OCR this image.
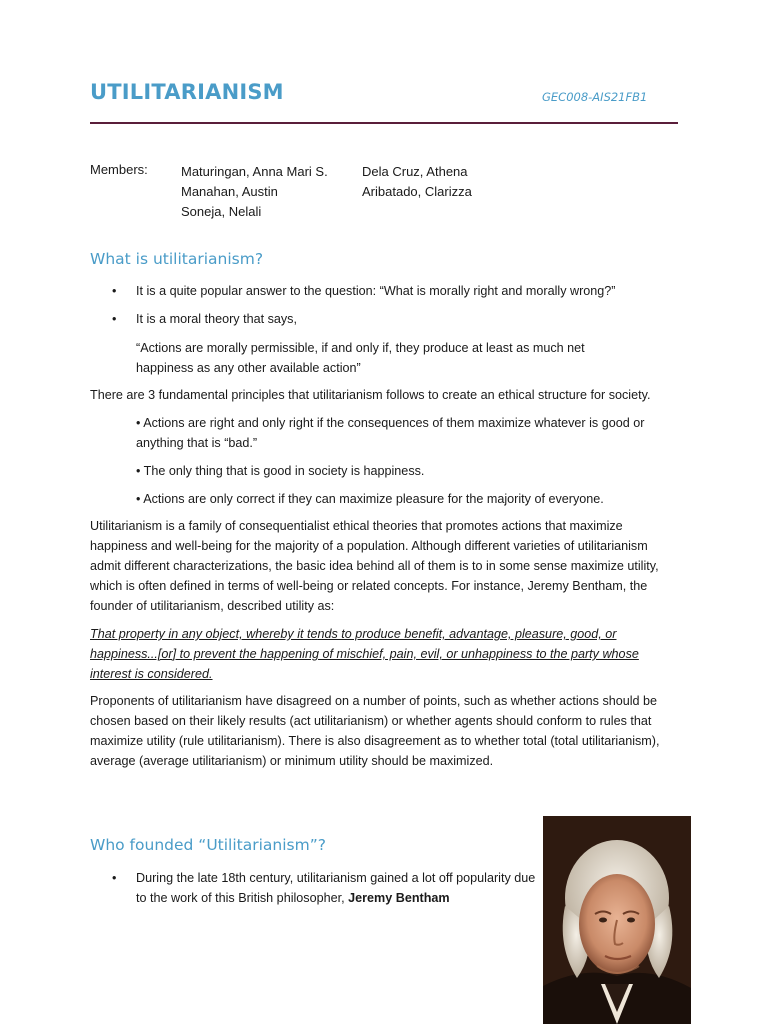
UTILITARIANISM	GEC008-AIS21FB1
Members:	Maturingan, Anna Mari S.
Manahan, Austin
Soneja, Nelali
Dela Cruz, Athena
Aribatado, Clarizza
What is utilitarianism?
• It is a quite popular answer to the question: “What is morally right and morally wrong?”
• It is a moral theory that says,
“Actions are morally permissible, if and only if, they produce at least as much net happiness as any other available action”
There are 3 fundamental principles that utilitarianism follows to create an ethical structure for society.
• Actions are right and only right if the consequences of them maximize whatever is good or anything that is “bad.”
• The only thing that is good in society is happiness.
• Actions are only correct if they can maximize pleasure for the majority of everyone.
Utilitarianism is a family of consequentialist ethical theories that promotes actions that maximize happiness and well-being for the majority of a population. Although different varieties of utilitarianism admit different characterizations, the basic idea behind all of them is to in some sense maximize utility, which is often defined in terms of well-being or related concepts. For instance, Jeremy Bentham, the founder of utilitarianism, described utility as:
That property in any object, whereby it tends to produce benefit, advantage, pleasure, good, or happiness...[or] to prevent the happening of mischief, pain, evil, or unhappiness to the party whose interest is considered.
Proponents of utilitarianism have disagreed on a number of points, such as whether actions should be chosen based on their likely results (act utilitarianism) or whether agents should conform to rules that maximize utility (rule utilitarianism). There is also disagreement as to whether total (total utilitarianism), average (average utilitarianism) or minimum utility should be maximized.
Who founded “Utilitarianism”?
• During the late 18th century, utilitarianism gained a lot off popularity due to the work of this British philosopher, Jeremy Bentham
